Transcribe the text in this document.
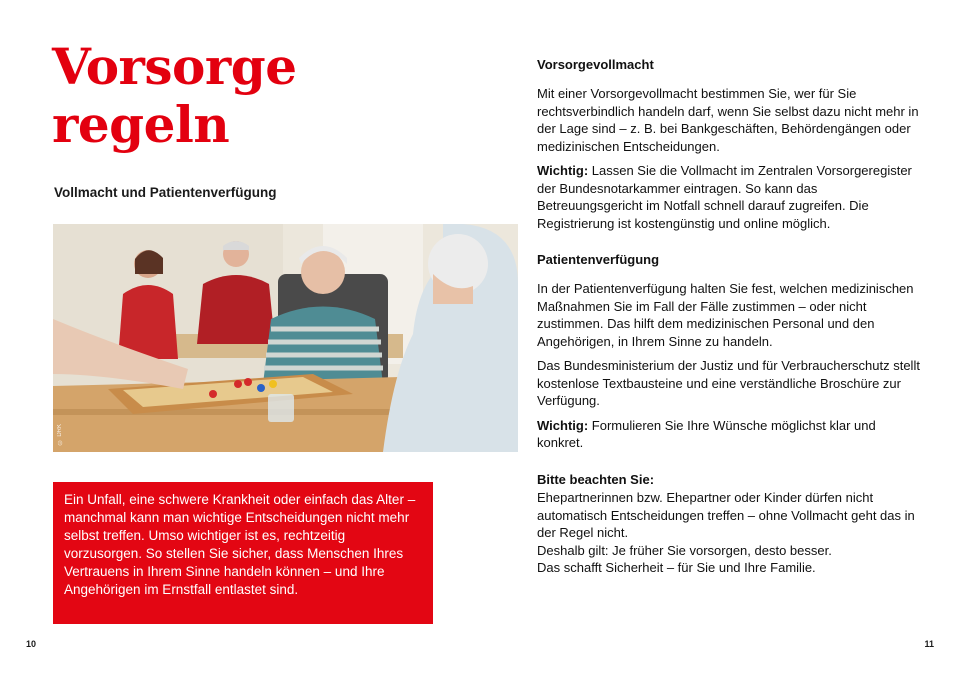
Vorsorge
regeln
Vollmacht und Patientenverfügung
© DRK
Ein Unfall, eine schwere Krankheit oder einfach das Alter – manchmal kann man wichtige Entscheidungen nicht mehr selbst treffen. Umso wichtiger ist es, rechtzeitig vorzusorgen. So stellen Sie sicher, dass Menschen Ihres Vertrauens in Ihrem Sinne handeln können – und Ihre Angehörigen im Ernstfall entlastet sind.
10
Vorsorgevollmacht

Mit einer Vorsorgevollmacht bestimmen Sie, wer für Sie rechtsverbindlich handeln darf, wenn Sie selbst dazu nicht mehr in der Lage sind – z. B. bei Bankgeschäften, Behördengängen oder medizinischen Entscheidungen.

Wichtig: Lassen Sie die Vollmacht im Zentralen Vorsorgeregister der Bundesnotarkammer eintragen. So kann das Betreuungsgericht im Notfall schnell darauf zugreifen. Die Registrierung ist kostengünstig und online möglich.

Patientenverfügung

In der Patientenverfügung halten Sie fest, welchen medizinischen Maßnahmen Sie im Fall der Fälle zustimmen – oder nicht zustimmen. Das hilft dem medizinischen Personal und den Angehörigen, in Ihrem Sinne zu handeln.

Das Bundesministerium der Justiz und für Verbraucherschutz stellt kostenlose Textbausteine und eine verständliche Broschüre zur Verfügung.

Wichtig: Formulieren Sie Ihre Wünsche möglichst klar und konkret.

Bitte beachten Sie:
Ehepartnerinnen bzw. Ehepartner oder Kinder dürfen nicht automatisch Entscheidungen treffen – ohne Vollmacht geht das in der Regel nicht.
Deshalb gilt: Je früher Sie vorsorgen, desto besser.
Das schafft Sicherheit – für Sie und Ihre Familie.
11
